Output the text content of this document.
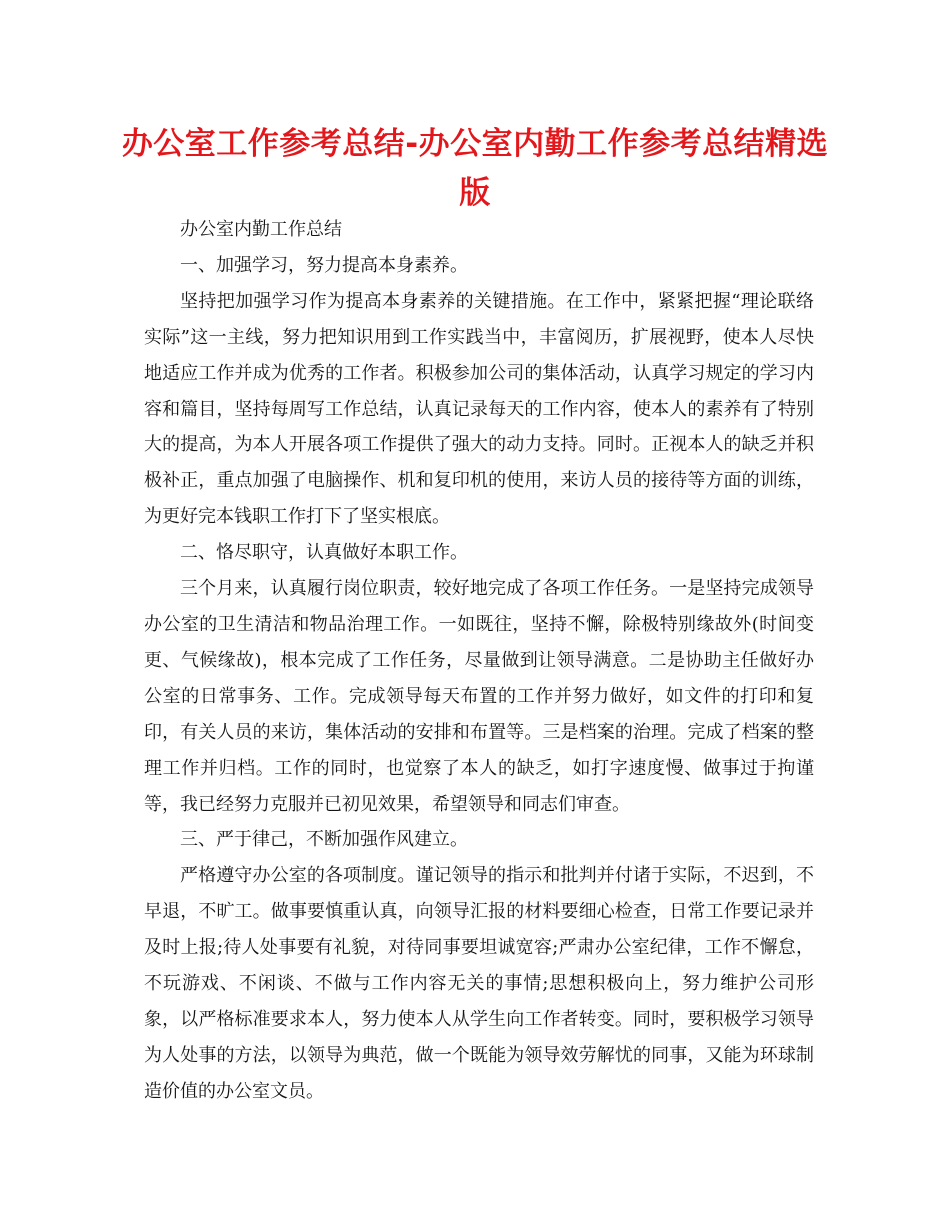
办公室工作参考总结-办公室内勤工作参考总结精选版

办公室内勤工作总结

一、加强学习，努力提高本身素养。

坚持把加强学习作为提高本身素养的关键措施。在工作中，紧紧把握“理论联络实际”这一主线，努力把知识用到工作实践当中，丰富阅历，扩展视野，使本人尽快地适应工作并成为优秀的工作者。积极参加公司的集体活动，认真学习规定的学习内容和篇目，坚持每周写工作总结，认真记录每天的工作内容，使本人的素养有了特别大的提高，为本人开展各项工作提供了强大的动力支持。同时。正视本人的缺乏并积极补正，重点加强了电脑操作、机和复印机的使用，来访人员的接待等方面的训练，为更好完本钱职工作打下了坚实根底。

二、恪尽职守，认真做好本职工作。

三个月来，认真履行岗位职责，较好地完成了各项工作任务。一是坚持完成领导办公室的卫生清洁和物品治理工作。一如既往，坚持不懈，除极特别缘故外(时间变更、气候缘故)，根本完成了工作任务，尽量做到让领导满意。二是协助主任做好办公室的日常事务、工作。完成领导每天布置的工作并努力做好，如文件的打印和复印，有关人员的来访，集体活动的安排和布置等。三是档案的治理。完成了档案的整理工作并归档。工作的同时，也觉察了本人的缺乏，如打字速度慢、做事过于拘谨等，我已经努力克服并已初见效果，希望领导和同志们审查。

三、严于律己，不断加强作风建立。

严格遵守办公室的各项制度。谨记领导的指示和批判并付诸于实际，不迟到，不早退，不旷工。做事要慎重认真，向领导汇报的材料要细心检查，日常工作要记录并及时上报;待人处事要有礼貌，对待同事要坦诚宽容;严肃办公室纪律，工作不懈怠，不玩游戏、不闲谈、不做与工作内容无关的事情;思想积极向上，努力维护公司形象，以严格标准要求本人，努力使本人从学生向工作者转变。同时，要积极学习领导为人处事的方法，以领导为典范，做一个既能为领导效劳解忧的同事，又能为环球制造价值的办公室文员。
